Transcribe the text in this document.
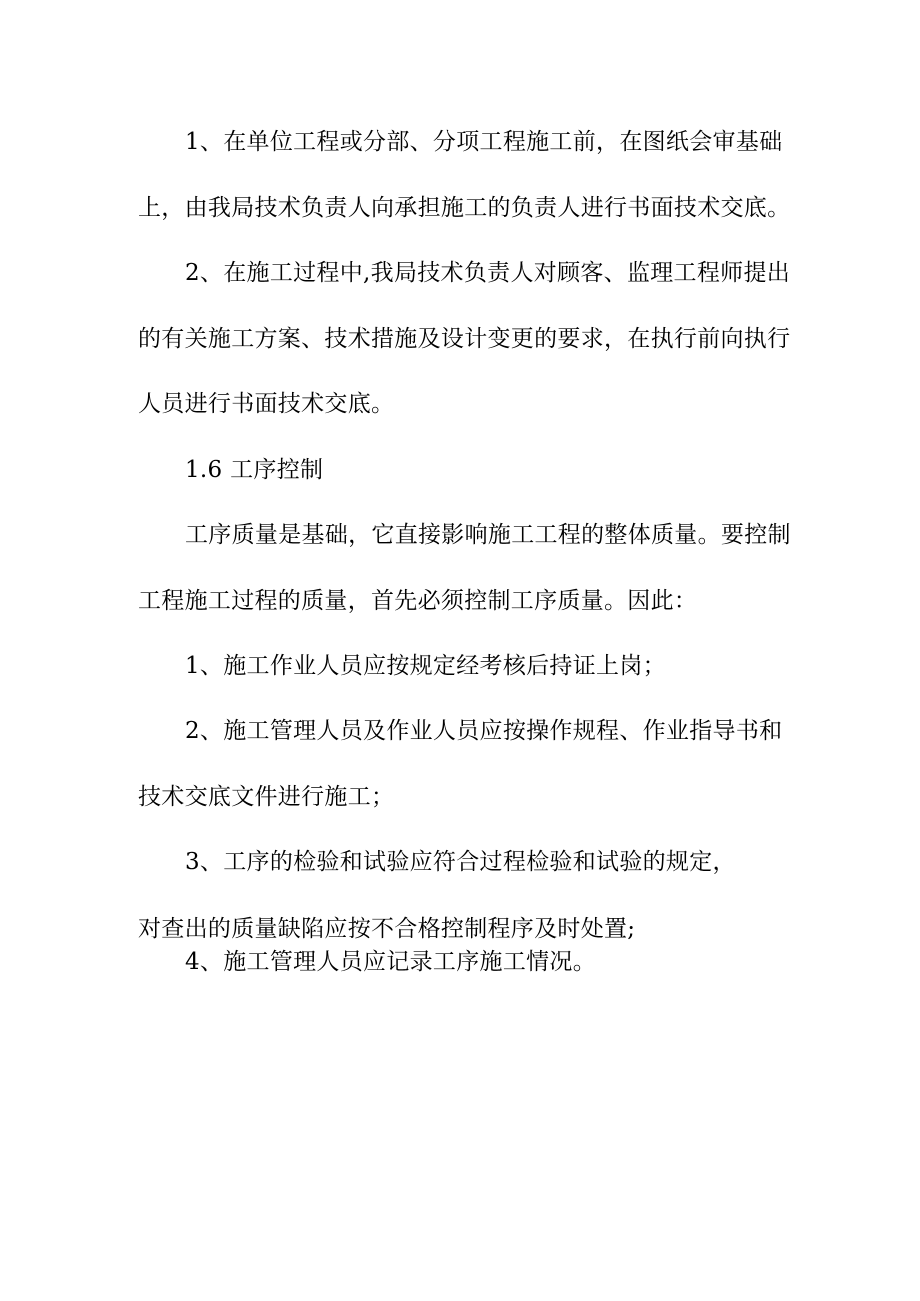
1、在单位工程或分部、分项工程施工前，在图纸会审基础
上，由我局技术负责人向承担施工的负责人进行书面技术交底。
2、在施工过程中,我局技术负责人对顾客、监理工程师提出
的有关施工方案、技术措施及设计变更的要求，在执行前向执行
人员进行书面技术交底。
1.6 工序控制
工序质量是基础，它直接影响施工工程的整体质量。要控制
工程施工过程的质量，首先必须控制工序质量。因此：
1、施工作业人员应按规定经考核后持证上岗；
2、施工管理人员及作业人员应按操作规程、作业指导书和
技术交底文件进行施工；
3、工序的检验和试验应符合过程检验和试验的规定，
对查出的质量缺陷应按不合格控制程序及时处置;
4、施工管理人员应记录工序施工情况。
